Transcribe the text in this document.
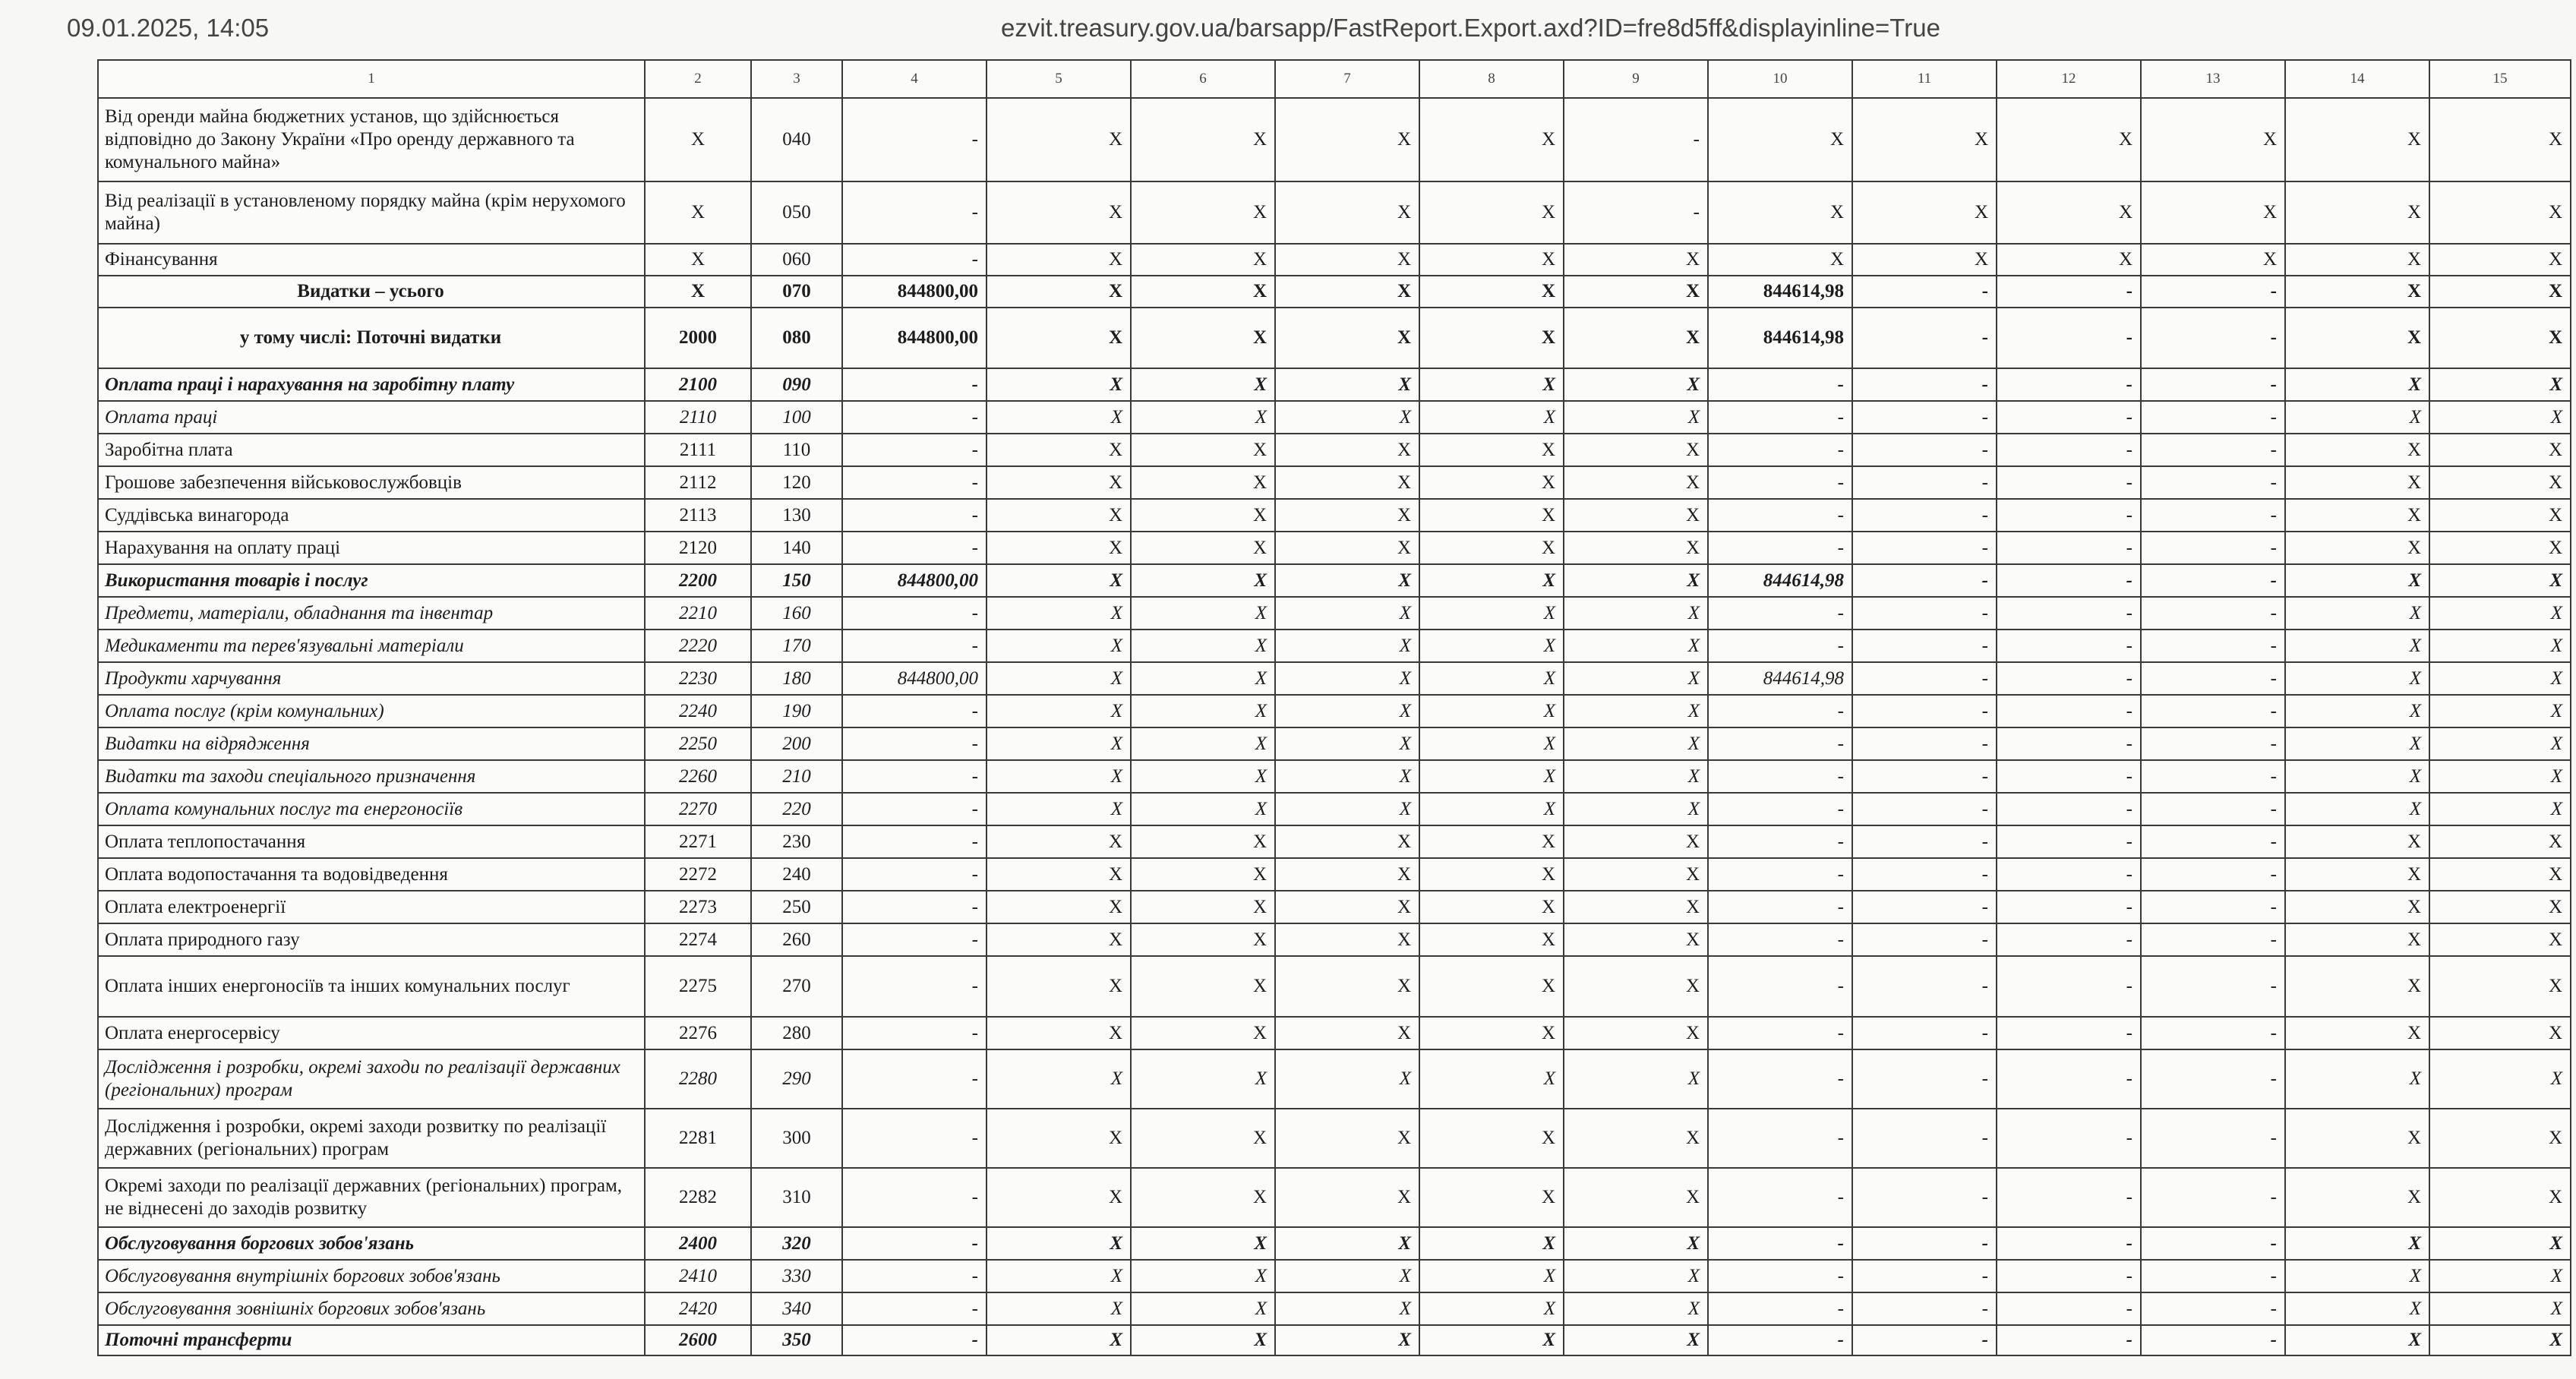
09.01.2025, 14:05	ezvit.treasury.gov.ua/barsapp/FastReport.Export.axd?ID=fre8d5ff&displayinline=True
1	2	3	4	5	6	7	8	9	10	11	12	13	14	15
Від оренди майна бюджетних установ, що здійснюється відповідно до Закону України «Про оренду державного та комунального майна»	X	040	-	X	X	X	X	-	X	X	X	X	X	X
Від реалізації в установленому порядку майна (крім нерухомого майна)	X	050	-	X	X	X	X	-	X	X	X	X	X	X
Фінансування	X	060	-	X	X	X	X	X	X	X	X	X	X	X
Видатки – усього	X	070	844800,00	X	X	X	X	X	844614,98	-	-	-	X	X
у тому числі: Поточні видатки	2000	080	844800,00	X	X	X	X	X	844614,98	-	-	-	X	X
Оплата праці і нарахування на заробітну плату	2100	090	-	X	X	X	X	X	-	-	-	-	X	X
Оплата праці	2110	100	-	X	X	X	X	X	-	-	-	-	X	X
Заробітна плата	2111	110	-	X	X	X	X	X	-	-	-	-	X	X
Грошове забезпечення військовослужбовців	2112	120	-	X	X	X	X	X	-	-	-	-	X	X
Суддівська винагорода	2113	130	-	X	X	X	X	X	-	-	-	-	X	X
Нарахування на оплату праці	2120	140	-	X	X	X	X	X	-	-	-	-	X	X
Використання товарів і послуг	2200	150	844800,00	X	X	X	X	X	844614,98	-	-	-	X	X
Предмети, матеріали, обладнання та інвентар	2210	160	-	X	X	X	X	X	-	-	-	-	X	X
Медикаменти та перев'язувальні матеріали	2220	170	-	X	X	X	X	X	-	-	-	-	X	X
Продукти харчування	2230	180	844800,00	X	X	X	X	X	844614,98	-	-	-	X	X
Оплата послуг (крім комунальних)	2240	190	-	X	X	X	X	X	-	-	-	-	X	X
Видатки на відрядження	2250	200	-	X	X	X	X	X	-	-	-	-	X	X
Видатки та заходи спеціального призначення	2260	210	-	X	X	X	X	X	-	-	-	-	X	X
Оплата комунальних послуг та енергоносіїв	2270	220	-	X	X	X	X	X	-	-	-	-	X	X
Оплата теплопостачання	2271	230	-	X	X	X	X	X	-	-	-	-	X	X
Оплата водопостачання та водовідведення	2272	240	-	X	X	X	X	X	-	-	-	-	X	X
Оплата електроенергії	2273	250	-	X	X	X	X	X	-	-	-	-	X	X
Оплата природного газу	2274	260	-	X	X	X	X	X	-	-	-	-	X	X
Оплата інших енергоносіїв та інших комунальних послуг	2275	270	-	X	X	X	X	X	-	-	-	-	X	X
Оплата енергосервісу	2276	280	-	X	X	X	X	X	-	-	-	-	X	X
Дослідження і розробки, окремі заходи по реалізації державних (регіональних) програм	2280	290	-	X	X	X	X	X	-	-	-	-	X	X
Дослідження і розробки, окремі заходи розвитку по реалізації державних (регіональних) програм	2281	300	-	X	X	X	X	X	-	-	-	-	X	X
Окремі заходи по реалізації державних (регіональних) програм, не віднесені до заходів розвитку	2282	310	-	X	X	X	X	X	-	-	-	-	X	X
Обслуговування боргових зобов'язань	2400	320	-	X	X	X	X	X	-	-	-	-	X	X
Обслуговування внутрішніх боргових зобов'язань	2410	330	-	X	X	X	X	X	-	-	-	-	X	X
Обслуговування зовнішніх боргових зобов'язань	2420	340	-	X	X	X	X	X	-	-	-	-	X	X
Поточні трансферти	2600	350	-	X	X	X	X	X	-	-	-	-	X	X
